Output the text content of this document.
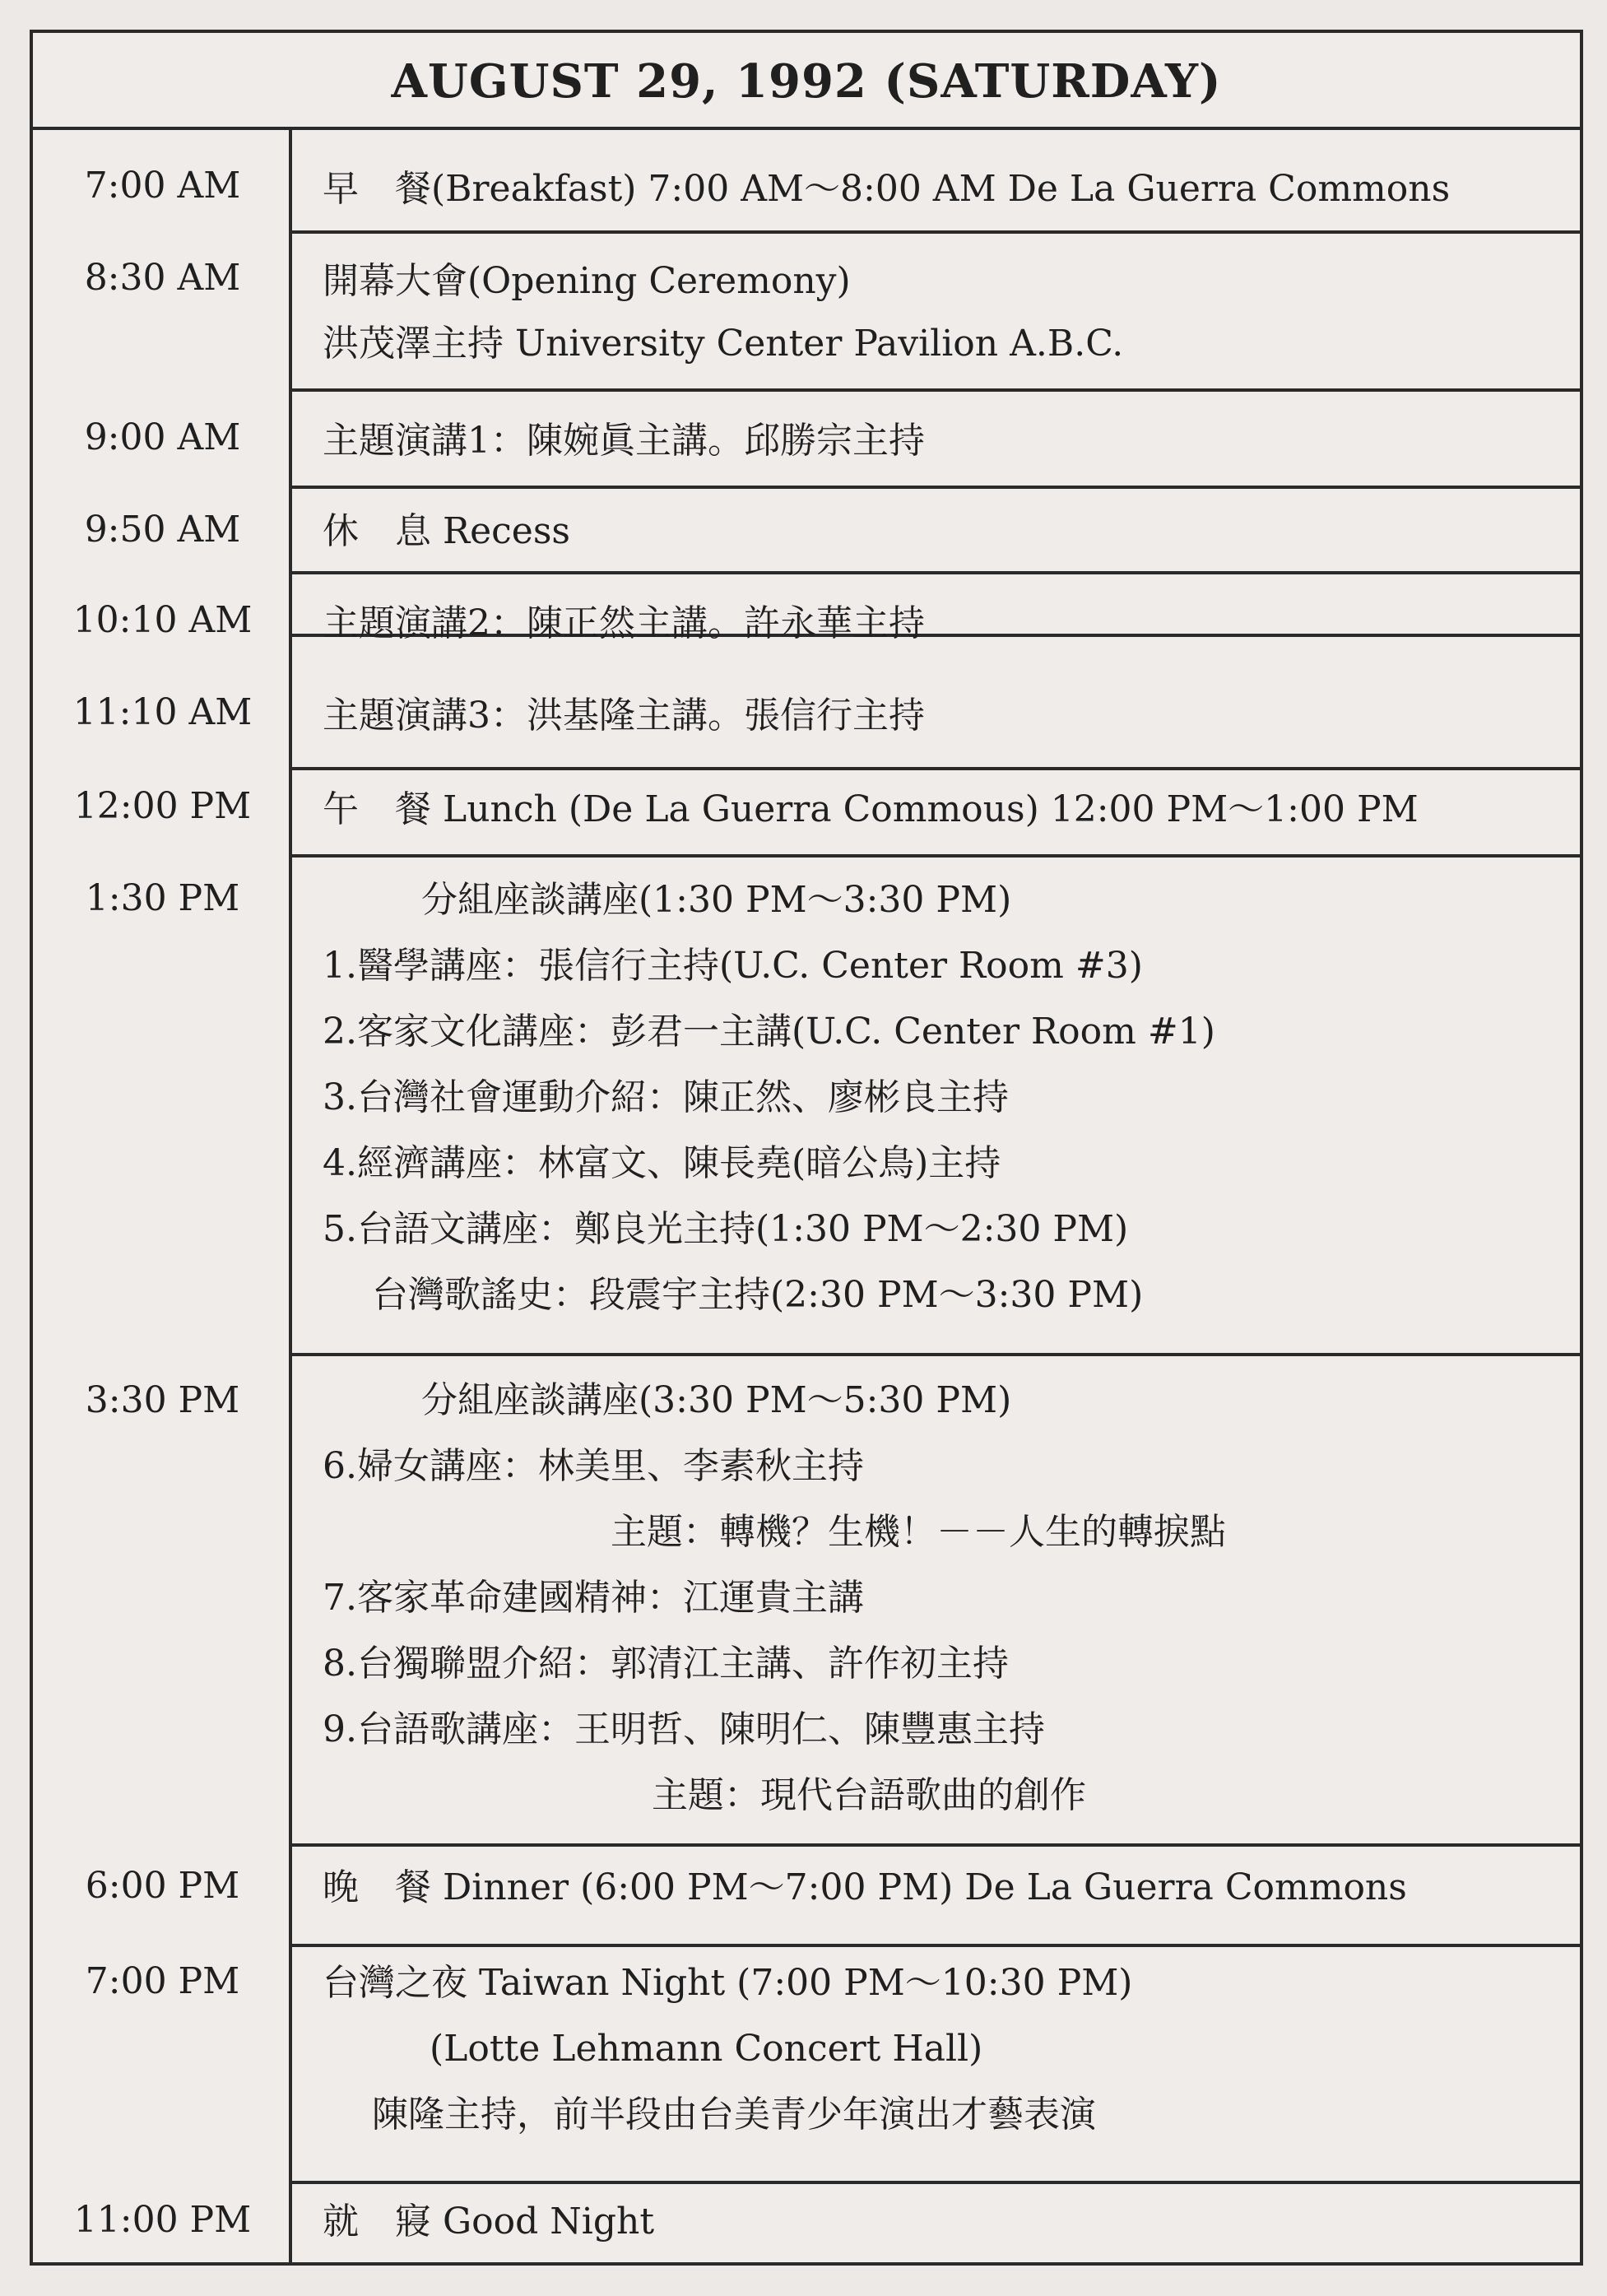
AUGUST 29, 1992 (SATURDAY)
7:00 AM	早　餐(Breakfast) 7:00 AM～8:00 AM De La Guerra Commons
8:30 AM	開幕大會(Opening Ceremony)
洪茂澤主持 University Center Pavilion A.B.C.
9:00 AM	主題演講1：陳婉眞主講。邱勝宗主持
9:50 AM	休　息 Recess
10:10 AM	主題演講2：陳正然主講。許永華主持
11:10 AM	主題演講3：洪基隆主講。張信行主持
12:00 PM	午　餐 Lunch (De La Guerra Commous) 12:00 PM～1:00 PM
1:30 PM	分組座談講座(1:30 PM～3:30 PM)
1.醫學講座：張信行主持(U.C. Center Room #3)
2.客家文化講座：彭君一主講(U.C. Center Room #1)
3.台灣社會運動介紹：陳正然、廖彬良主持
4.經濟講座：林富文、陳長堯(暗公鳥)主持
5.台語文講座：鄭良光主持(1:30 PM～2:30 PM)
台灣歌謠史：段震宇主持(2:30 PM～3:30 PM)
3:30 PM	分組座談講座(3:30 PM～5:30 PM)
6.婦女講座：林美里、李素秋主持
主題：轉機？生機！－－人生的轉捩點
7.客家革命建國精神：江運貴主講
8.台獨聯盟介紹：郭清江主講、許作初主持
9.台語歌講座：王明哲、陳明仁、陳豐惠主持
主題：現代台語歌曲的創作
6:00 PM	晚　餐 Dinner (6:00 PM～7:00 PM) De La Guerra Commons
7:00 PM	台灣之夜 Taiwan Night (7:00 PM～10:30 PM)
(Lotte Lehmann Concert Hall)
陳隆主持，前半段由台美青少年演出才藝表演
11:00 PM	就　寢 Good Night
